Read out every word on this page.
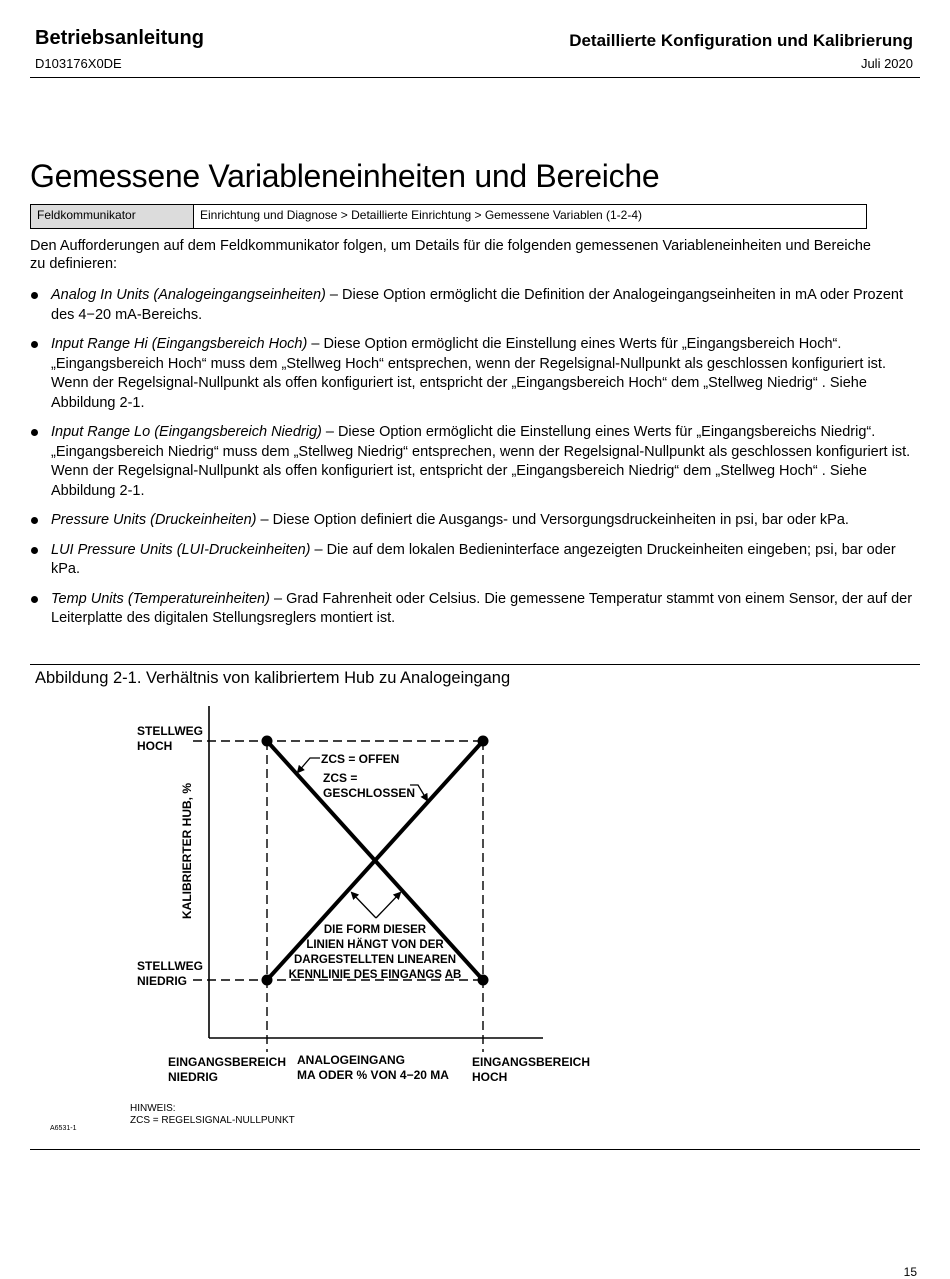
Betriebsanleitung
D103176X0DE
Detaillierte Konfiguration und Kalibrierung
Juli 2020
Gemessene Variableneinheiten und Bereiche
Feldkommunikator	Einrichtung und Diagnose > Detaillierte Einrichtung > Gemessene Variablen (1-2-4)
Den Aufforderungen auf dem Feldkommunikator folgen, um Details für die folgenden gemessenen Variableneinheiten und Bereiche zu definieren:
Analog In Units (Analogeingangseinheiten) – Diese Option ermöglicht die Definition der Analogeingangseinheiten in mA oder Prozent des 4−20 mA-Bereichs.
Input Range Hi (Eingangsbereich Hoch) – Diese Option ermöglicht die Einstellung eines Werts für „Eingangsbereich Hoch“. „Eingangsbereich Hoch“ muss dem „Stellweg Hoch“ entsprechen, wenn der Regelsignal-Nullpunkt als geschlossen konfiguriert ist. Wenn der Regelsignal-Nullpunkt als offen konfiguriert ist, entspricht der „Eingangsbereich Hoch“ dem „Stellweg Niedrig“ . Siehe Abbildung 2-1.
Input Range Lo (Eingangsbereich Niedrig) – Diese Option ermöglicht die Einstellung eines Werts für „Eingangsbereichs Niedrig“. „Eingangsbereich Niedrig“ muss dem „Stellweg Niedrig“ entsprechen, wenn der Regelsignal-Nullpunkt als geschlossen konfiguriert ist. Wenn der Regelsignal-Nullpunkt als offen konfiguriert ist, entspricht der „Eingangsbereich Niedrig“ dem „Stellweg Hoch“ . Siehe Abbildung 2-1.
Pressure Units (Druckeinheiten) – Diese Option definiert die Ausgangs- und Versorgungsdruckeinheiten in psi, bar oder kPa.
LUI Pressure Units (LUI-Druckeinheiten) – Die auf dem lokalen Bedieninterface angezeigten Druckeinheiten eingeben; psi, bar oder kPa.
Temp Units (Temperatureinheiten) – Grad Fahrenheit oder Celsius. Die gemessene Temperatur stammt von einem Sensor, der auf der Leiterplatte des digitalen Stellungsreglers montiert ist.
Abbildung 2-1. Verhältnis von kalibriertem Hub zu Analogeingang
STELLWEG
HOCH
STELLWEG
NIEDRIG
KALIBRIERTER HUB, %
ZCS = OFFEN
ZCS =
GESCHLOSSEN
DIE FORM DIESER
LINIEN HÄNGT VON DER
DARGESTELLTEN LINEAREN
KENNLINIE DES EINGANGS AB
EINGANGSBEREICH
NIEDRIG
ANALOGEINGANG
MA ODER % VON 4−20 MA
EINGANGSBEREICH
HOCH
HINWEIS:
ZCS = REGELSIGNAL-NULLPUNKT
A6531-1
15
